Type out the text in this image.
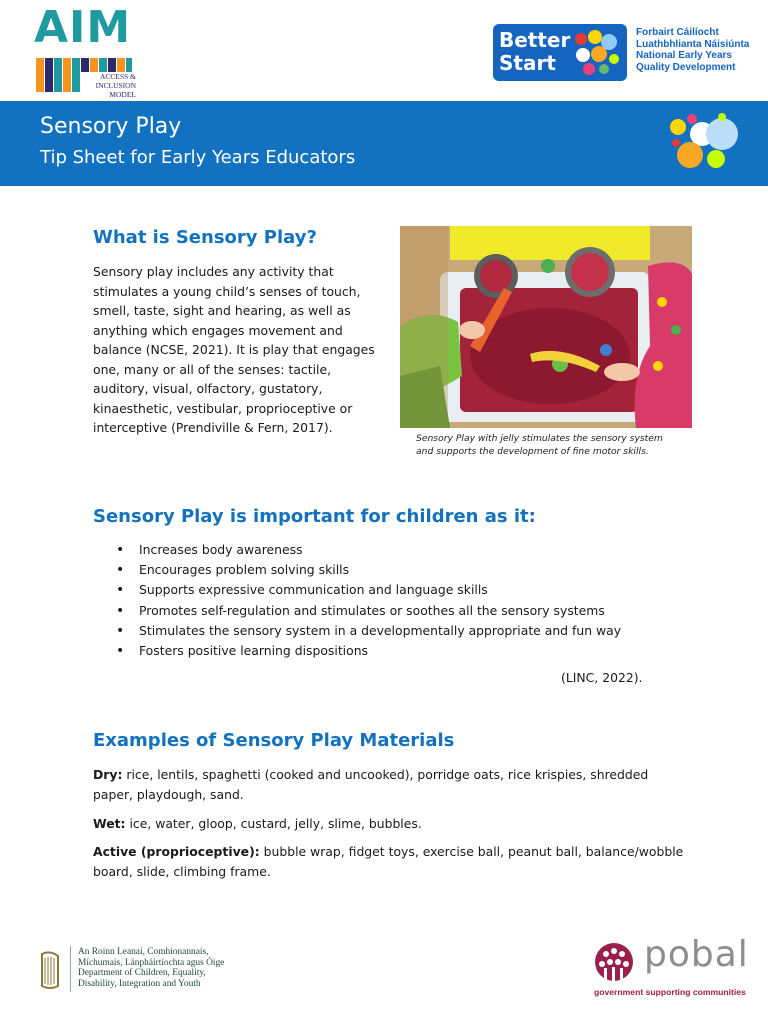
AIM
ACCESS &
INCLUSION MODEL
Better
Start
Forbairt Cáilíocht
Luathbhlianta Náisiúnta
National Early Years
Quality Development
Sensory Play
Tip Sheet for Early Years Educators
What is Sensory Play?
Sensory play includes any activity that
stimulates a young child’s senses of touch,
smell, taste, sight and hearing, as well as
anything which engages movement and
balance (NCSE, 2021). It is play that engages
one, many or all of the senses: tactile,
auditory, visual, olfactory, gustatory,
kinaesthetic, vestibular, proprioceptive or
interceptive (Prendiville & Fern, 2017).
Sensory Play with jelly stimulates the sensory system
and supports the development of fine motor skills.
Sensory Play is important for children as it:
• Increases body awareness
• Encourages problem solving skills
• Supports expressive communication and language skills
• Promotes self-regulation and stimulates or soothes all the sensory systems
• Stimulates the sensory system in a developmentally appropriate and fun way
• Fosters positive learning dispositions
(LINC, 2022).
Examples of Sensory Play Materials
Dry: rice, lentils, spaghetti (cooked and uncooked), porridge oats, rice krispies, shredded
paper, playdough, sand.
Wet: ice, water, gloop, custard, jelly, slime, bubbles.
Active (proprioceptive): bubble wrap, fidget toys, exercise ball, peanut ball, balance/wobble
board, slide, climbing frame.
An Roinn Leanaí, Comhionannais,
Míchumais, Lánpháirtíochta agus Óige
Department of Children, Equality,
Disability, Integration and Youth
pobal
government supporting communities
